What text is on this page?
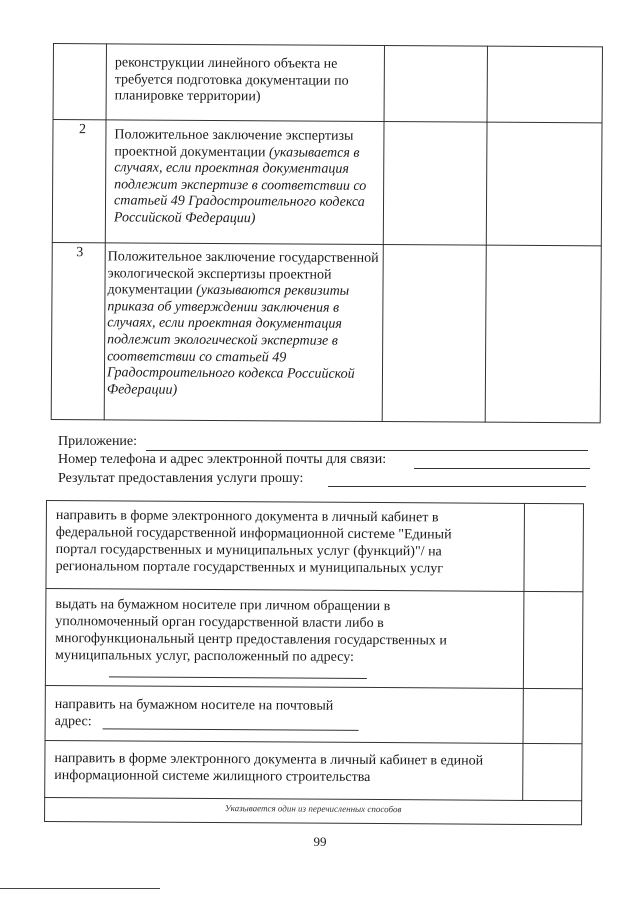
реконструкции линейного объекта не требуется подготовка документации по планировке территории)
2	Положительное заключение экспертизы проектной документации (указывается в случаях, если проектная документация подлежит экспертизе в соответствии со статьей 49 Градостроительного кодекса Российской Федерации)
3	Положительное заключение государственной экологической экспертизы проектной документации (указываются реквизиты приказа об утверждении заключения в случаях, если проектная документация подлежит экологической экспертизе в соответствии со статьей 49 Градостроительного кодекса Российской Федерации)
Приложение:
Номер телефона и адрес электронной почты для связи:
Результат предоставления услуги прошу:
направить в форме электронного документа в личный кабинет в федеральной государственной информационной системе "Единый портал государственных и муниципальных услуг (функций)"/ на региональном портале государственных и муниципальных услуг
выдать на бумажном носителе при личном обращении в уполномоченный орган государственной власти либо в многофункциональный центр предоставления государственных и муниципальных услуг, расположенный по адресу:
направить на бумажном носителе на почтовый адрес:
направить в форме электронного документа в личный кабинет в единой информационной системе жилищного строительства
Указывается один из перечисленных способов
99
